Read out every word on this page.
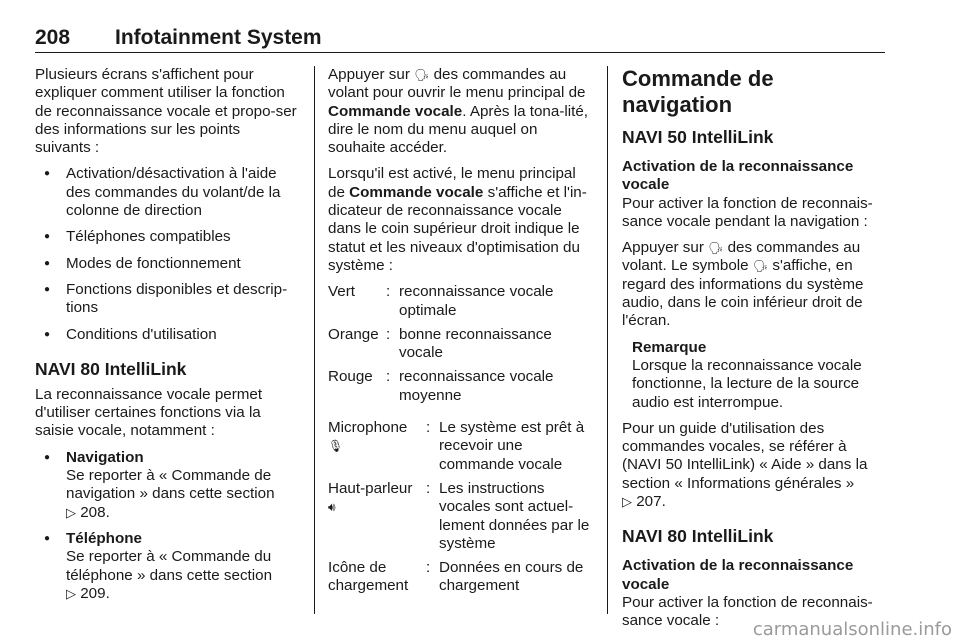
208 Infotainment System

Plusieurs écrans s'affichent pour expliquer comment utiliser la fonction de reconnaissance vocale et propo-ser des informations sur les points suivants :

● Activation/désactivation à l'aide des commandes du volant/de la colonne de direction
● Téléphones compatibles
● Modes de fonctionnement
● Fonctions disponibles et descrip-tions
● Conditions d'utilisation
NAVI 80 IntelliLink

La reconnaissance vocale permet d'utiliser certaines fonctions via la saisie vocale, notamment :

● Navigation
Se reporter à « Commande de navigation » dans cette section
▷ 208.
● Téléphone
Se reporter à « Commande du téléphone » dans cette section
▷ 209.

Appuyer sur 🗣 des commandes au volant pour ouvrir le menu principal de Commande vocale. Après la tona-lité, dire le nom du menu auquel on souhaite accéder.

Lorsqu'il est activé, le menu principal de Commande vocale s'affiche et l'in-dicateur de reconnaissance vocale dans le coin supérieur droit indique le statut et les niveaux d'optimisation du système :

Vert	:	reconnaissance vocale optimale
Orange	:	bonne reconnaissance vocale
Rouge	:	reconnaissance vocale moyenne
Microphone
🎙︎	:	Le système est prêt à recevoir une commande vocale
Haut-parleur
🔊︎	:	Les instructions vocales sont actuel-lement données par le système
Icône de chargement	:	Données en cours de chargement
Commande de navigation
NAVI 50 IntelliLink
Activation de la reconnaissance vocale

Pour activer la fonction de reconnais-sance vocale pendant la navigation :

Appuyer sur 🗣 des commandes au volant. Le symbole 🗣 s'affiche, en regard des informations du système audio, dans le coin inférieur droit de l'écran.

Remarque
Lorsque la reconnaissance vocale fonctionne, la lecture de la source audio est interrompue.

Pour un guide d'utilisation des commandes vocales, se référer à (NAVI 50 IntelliLink) « Aide » dans la section « Informations générales »
▷ 207.

NAVI 80 IntelliLink
Activation de la reconnaissance vocale

Pour activer la fonction de reconnais-sance vocale :	carmanualsonline.info
